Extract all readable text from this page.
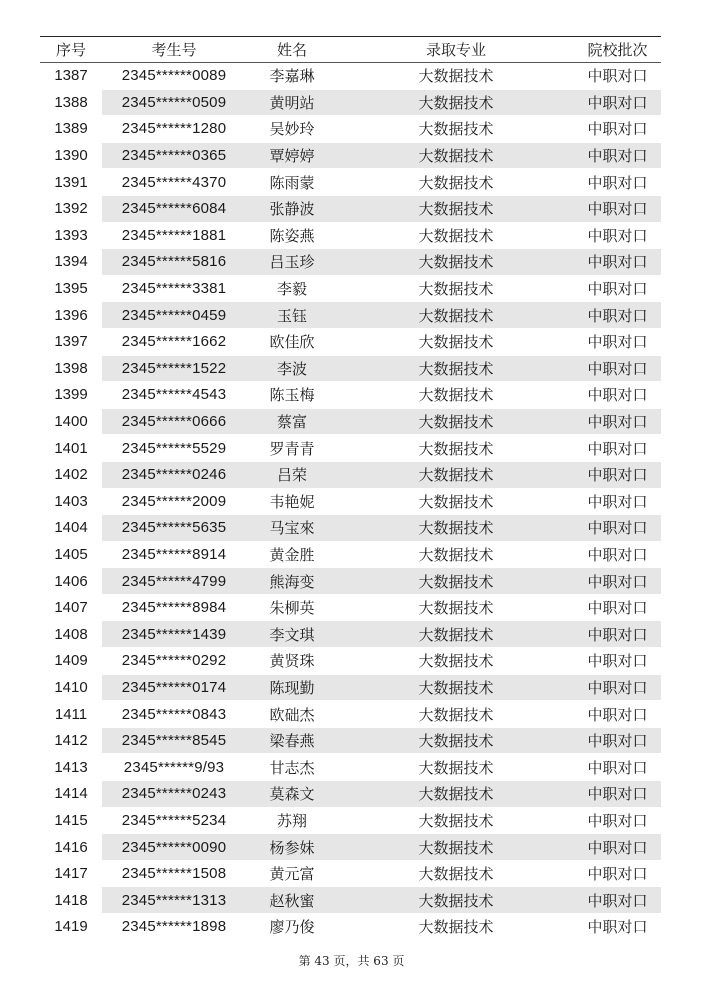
序号	考生号	姓名	录取专业	院校批次
1387	2345******0089	李嘉琳	大数据技术	中职对口
1388	2345******0509	黄明站	大数据技术	中职对口
1389	2345******1280	吴妙玲	大数据技术	中职对口
1390	2345******0365	覃婷婷	大数据技术	中职对口
1391	2345******4370	陈雨蒙	大数据技术	中职对口
1392	2345******6084	张静波	大数据技术	中职对口
1393	2345******1881	陈姿燕	大数据技术	中职对口
1394	2345******5816	吕玉珍	大数据技术	中职对口
1395	2345******3381	李毅	大数据技术	中职对口
1396	2345******0459	玉钰	大数据技术	中职对口
1397	2345******1662	欧佳欣	大数据技术	中职对口
1398	2345******1522	李波	大数据技术	中职对口
1399	2345******4543	陈玉梅	大数据技术	中职对口
1400	2345******0666	蔡富	大数据技术	中职对口
1401	2345******5529	罗青青	大数据技术	中职对口
1402	2345******0246	吕荣	大数据技术	中职对口
1403	2345******2009	韦艳妮	大数据技术	中职对口
1404	2345******5635	马宝來	大数据技术	中职对口
1405	2345******8914	黄金胜	大数据技术	中职对口
1406	2345******4799	熊海变	大数据技术	中职对口
1407	2345******8984	朱柳英	大数据技术	中职对口
1408	2345******1439	李文琪	大数据技术	中职对口
1409	2345******0292	黄贤珠	大数据技术	中职对口
1410	2345******0174	陈现勤	大数据技术	中职对口
1411	2345******0843	欧础杰	大数据技术	中职对口
1412	2345******8545	梁春燕	大数据技术	中职对口
1413	2345******9/93	甘志杰	大数据技术	中职对口
1414	2345******0243	莫森文	大数据技术	中职对口
1415	2345******5234	苏翔	大数据技术	中职对口
1416	2345******0090	杨参妹	大数据技术	中职对口
1417	2345******1508	黄元富	大数据技术	中职对口
1418	2345******1313	赵秋蜜	大数据技术	中职对口
1419	2345******1898	廖乃俊	大数据技术	中职对口
第 43 页，共 63 页
